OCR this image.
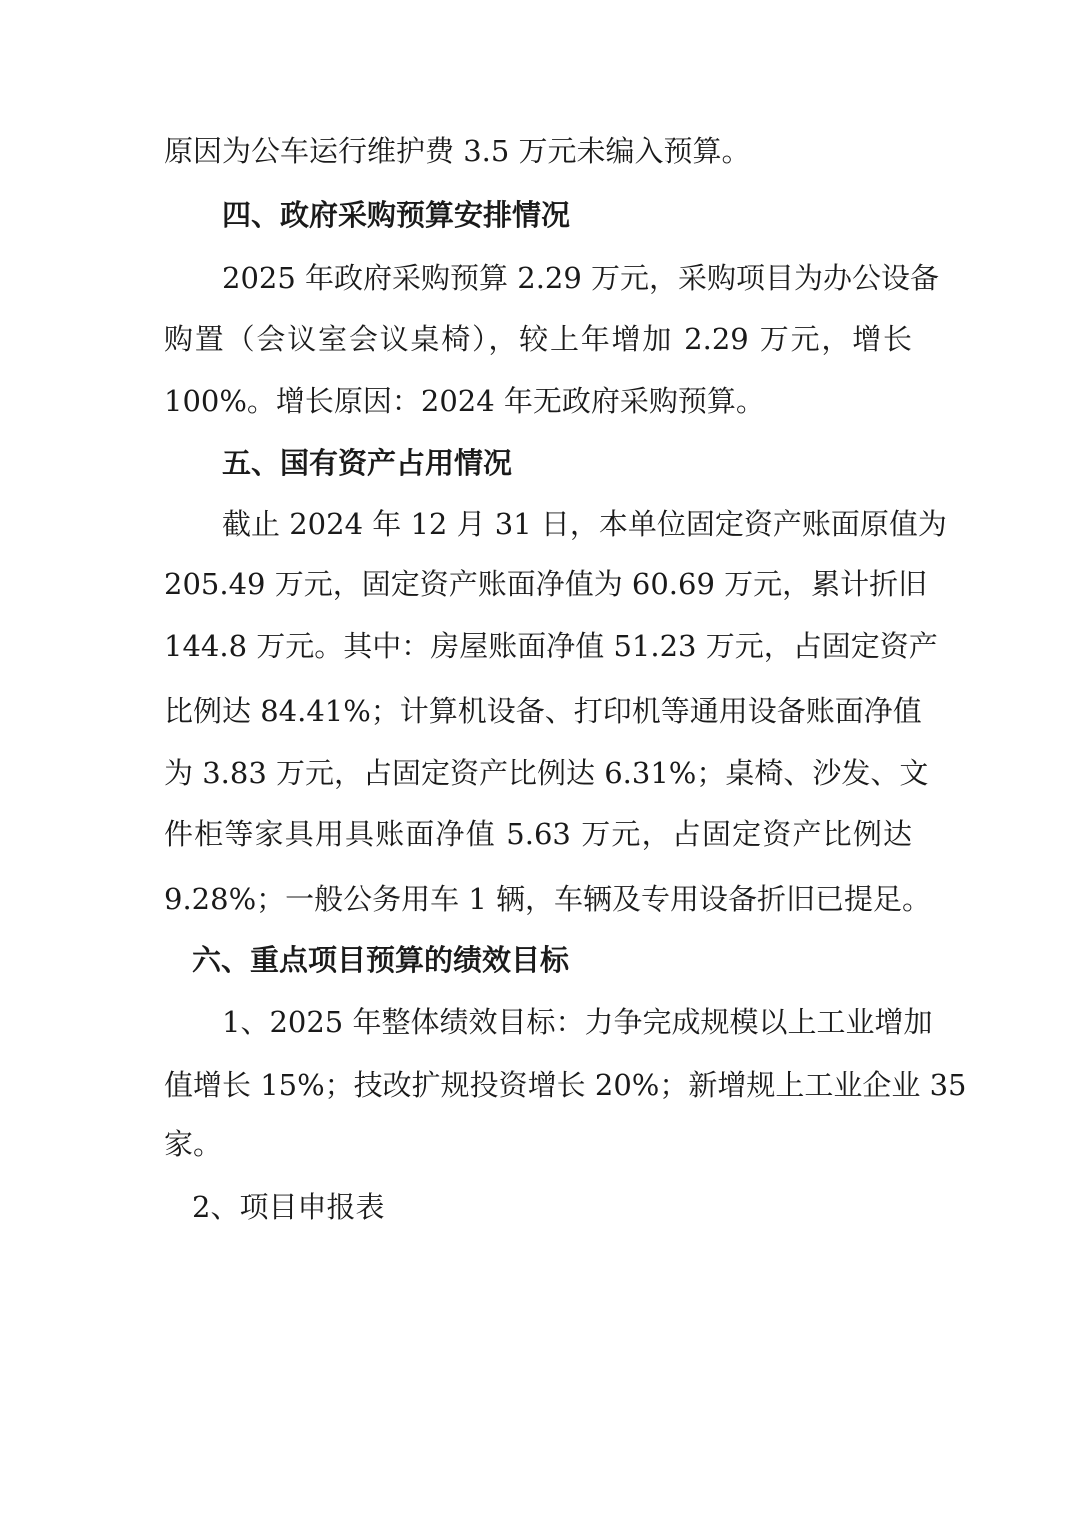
原因为公车运行维护费 3.5 万元未编入预算。
四、政府采购预算安排情况
2025 年政府采购预算 2.29 万元，采购项目为办公设备
购置（会议室会议桌椅），较上年增加 2.29 万元，增长
100%。增长原因：2024 年无政府采购预算。
五、国有资产占用情况
截止 2024 年 12 月 31 日，本单位固定资产账面原值为
205.49 万元，固定资产账面净值为 60.69 万元，累计折旧
144.8 万元。其中：房屋账面净值 51.23 万元，占固定资产
比例达 84.41%；计算机设备、打印机等通用设备账面净值
为 3.83 万元，占固定资产比例达 6.31%；桌椅、沙发、文
件柜等家具用具账面净值 5.63 万元，占固定资产比例达
9.28%；一般公务用车 1 辆，车辆及专用设备折旧已提足。
六、重点项目预算的绩效目标
1、2025 年整体绩效目标：力争完成规模以上工业增加
值增长 15%；技改扩规投资增长 20%；新增规上工业企业 35
家。
2、项目申报表
